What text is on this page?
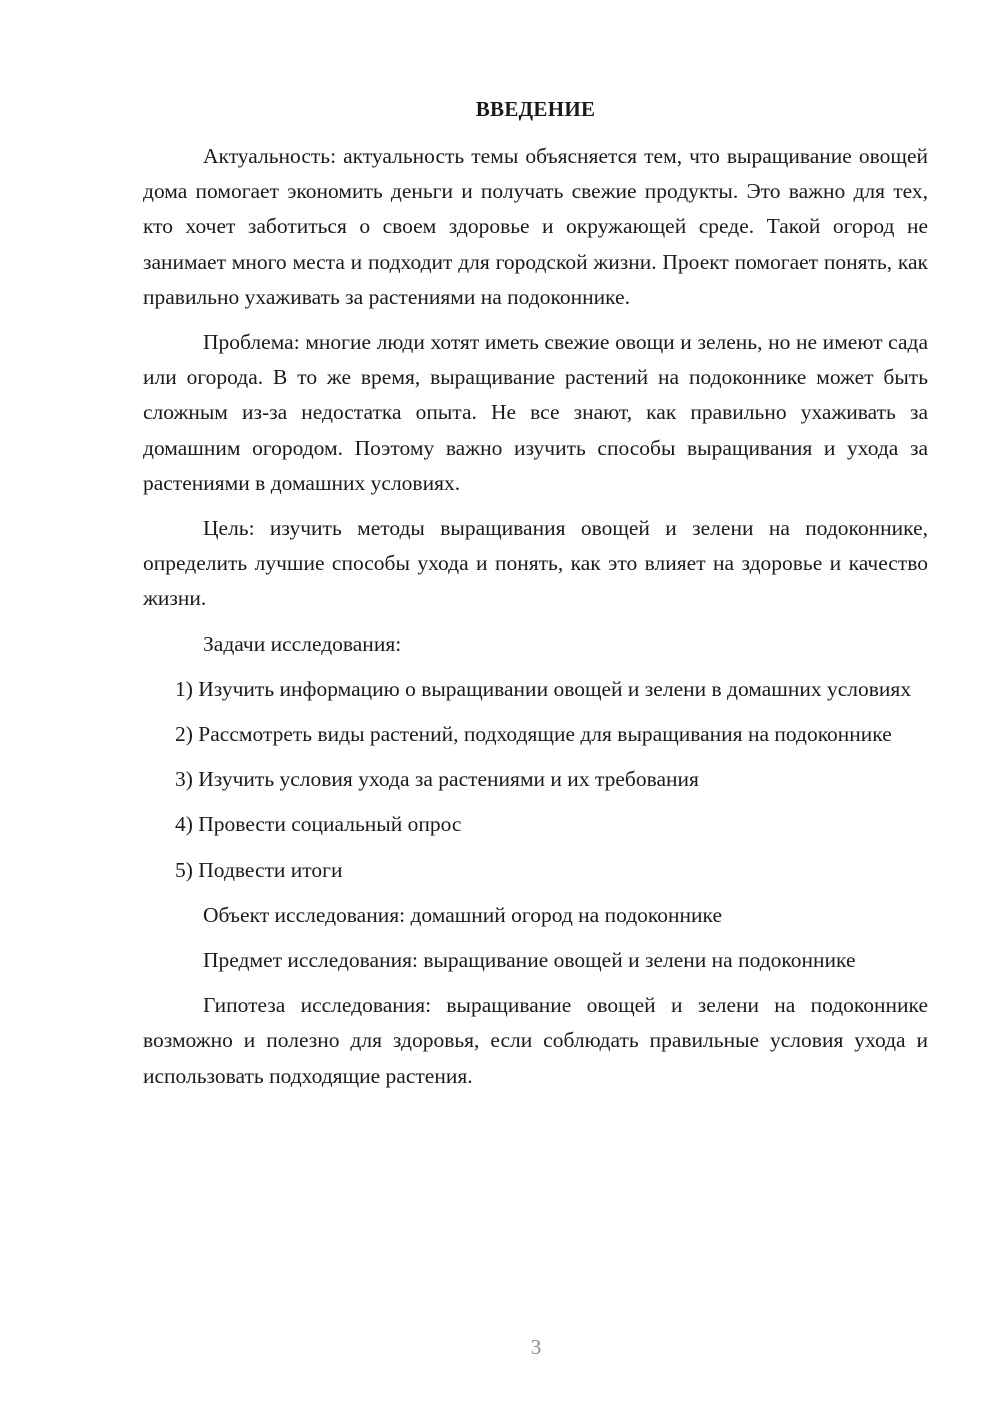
ВВЕДЕНИЕ

Актуальность: актуальность темы объясняется тем, что выращивание овощей дома помогает экономить деньги и получать свежие продукты. Это важно для тех, кто хочет заботиться о своем здоровье и окружающей среде. Такой огород не занимает много места и подходит для городской жизни. Проект помогает понять, как правильно ухаживать за растениями на подоконнике.

Проблема: многие люди хотят иметь свежие овощи и зелень, но не имеют сада или огорода. В то же время, выращивание растений на подоконнике может быть сложным из-за недостатка опыта. Не все знают, как правильно ухаживать за домашним огородом. Поэтому важно изучить способы выращивания и ухода за растениями в домашних условиях.

Цель: изучить методы выращивания овощей и зелени на подоконнике, определить лучшие способы ухода и понять, как это влияет на здоровье и качество жизни.

Задачи исследования:

1) Изучить информацию о выращивании овощей и зелени в домашних условиях

2) Рассмотреть виды растений, подходящие для выращивания на подоконнике

3) Изучить условия ухода за растениями и их требования

4) Провести социальный опрос

5) Подвести итоги

Объект исследования: домашний огород на подоконнике

Предмет исследования: выращивание овощей и зелени на подоконнике

Гипотеза исследования: выращивание овощей и зелени на подоконнике возможно и полезно для здоровья, если соблюдать правильные условия ухода и использовать подходящие растения.

3
